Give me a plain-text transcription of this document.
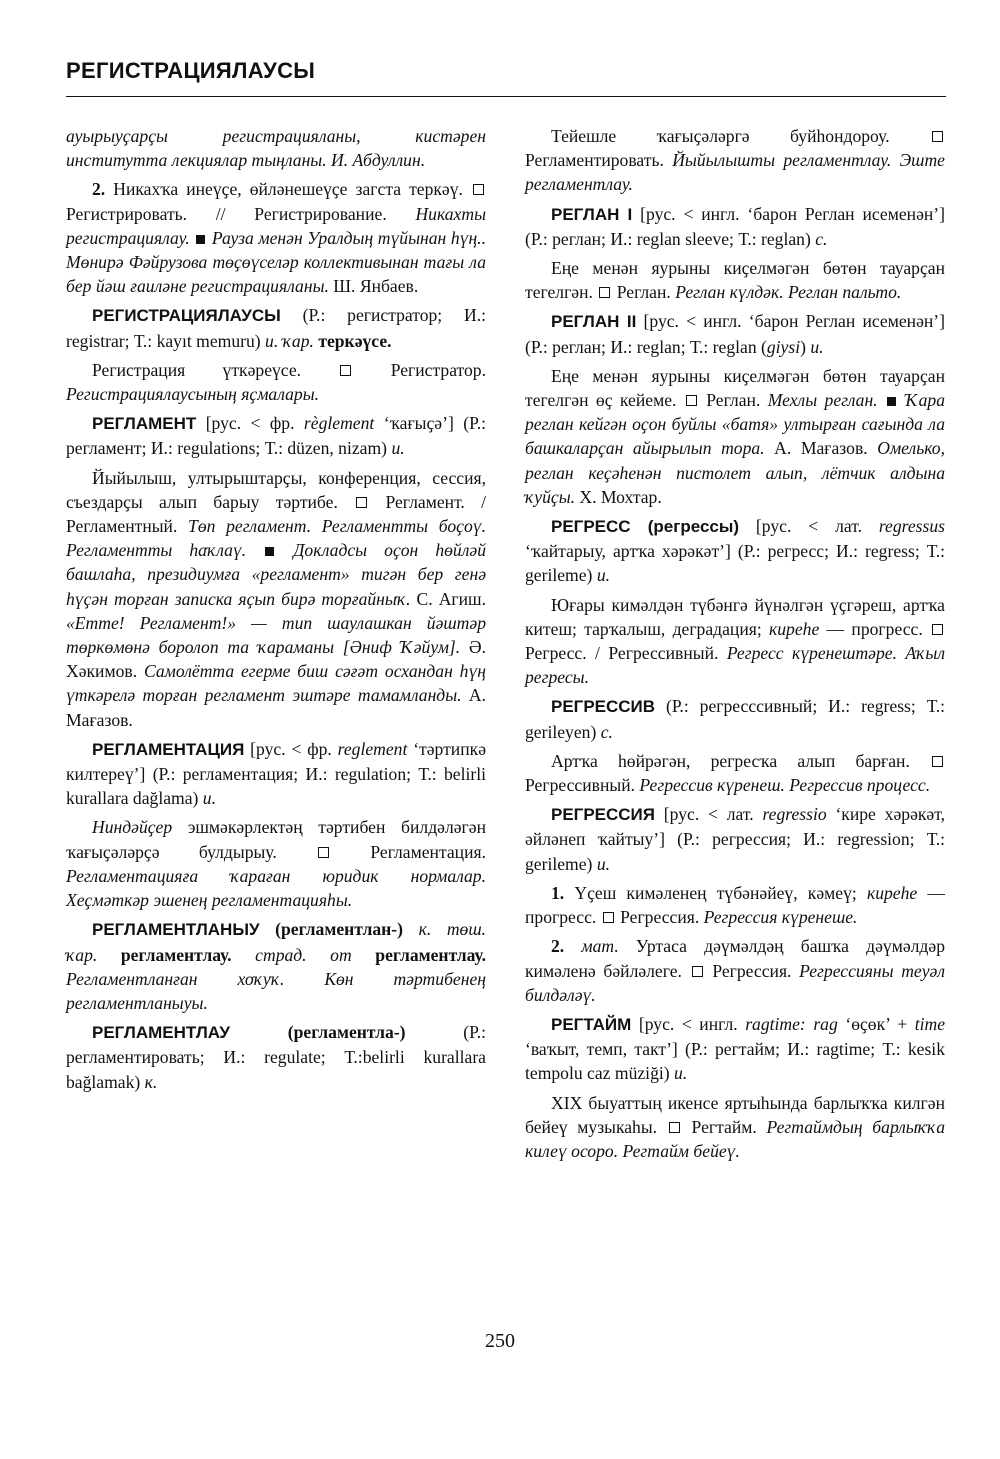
РЕГИСТРАЦИЯЛАУСЫ

ауырыуҫарҫы регистрацияланы, кистәрен институтта лекциялар тыңланы. И. Абдуллин.

2. Никахҡа инеүҫе, өйләнешеүҫе загста теркәү.  Регистрировать. // Регистрирование. Никахты регистрациялау.  Рауза менән Уралдың түйынан һүң.. Мөнирә Фәйрузова төҫөүселәр коллективынан тағы ла бер йәш ғаиләне регистрацияланы. Ш. Янбаев.

РЕГИСТРАЦИЯЛАУСЫ (Р.: регистратор; И.: registrar; Т.: kayıt memuru) и. ҡар. теркәүсе.

Регистрация үткәреүсе.	Регистратор. Регистрациялаусының яҫмалары.

РЕГЛАМЕНТ [рус. < фр. règlement ‘ҡағыҫә’] (Р.: регламент; И.: regulations; Т.: düzen, nizam) и.

Йыйылыш, ултырыштарҫы, конференция, сессия, съездарҫы алып барыу тәртибе.  Регламент. / Регламентный. Төп регламент. Регламентты боҫоү. Регламентты һаҡлаү.  Докладсы оҫон һөйләй башлаһа, президиумға «регламент» тигән бер генә һүҫән торған записка яҫып бирә торғайныҡ. С. Агиш. «Етте! Регламент!» — тип шаулашкан йәштәр төркөмөнә боролоп та ҡараманы [Әниф Ҡәйум]. Ә. Хәкимов. Самолётта егерме биш сәғәт осхандан һүң үткәрелә торған регламент эштәре тамамланды. А. Мағазов.

РЕГЛАМЕНТАЦИЯ [рус. < фр. reglement ‘тәртипкә килтереү’] (Р.: регламентация; И.: regulation; Т.: belirli kurallara dağlama) и.

Ниндәйҫер эшмәкәрлектәң тәртибен билдәләгән ҡағыҫәләрҫә булдырыу.	Регламентация. Регламентацияға ҡараған юридик нормалар. Хеҫмәткәр эшенең регламентацияһы.

РЕГЛАМЕНТЛАНЫУ (регламентлан-) к. төш. ҡар. регламентлау. страд. от регламентлау. Регламентланған хоҡуҡ. Көн тәртибенең регламентланыуы.

РЕГЛАМЕНТЛАУ (регламентла-) (Р.: регламентировать; И.: regulate; Т.:belirli kurallara bağlamak) к.

Тейешле ҡағыҫәләргә буйһондороу.  Регламентировать. Йыйылышты регламентлау. Эште регламентлау.

РЕГЛАН I [рус. < ингл. ‘барон Реглан исеменән’] (Р.: реглан; И.: reglan sleeve; Т.: reglan) с.

Еңе менән яурыны киҫелмәгән бөтөн тауарҫан тегелгән.  Реглан. Реглан күлдәк. Реглан пальто.

РЕГЛАН II [рус. < ингл. ‘барон Реглан исеменән’] (Р.: реглан; И.: reglan; Т.: reglan (giysi) и.

Еңе менән яурыны киҫелмәгән бөтөн тауарҫан тегелгән өҫ кейеме.  Реглан. Мехлы реглан.  Ҡара реглан кейгән оҫон буйлы «батя» ултырған сағында ла башкаларҫан айырылып тора. А. Мағазов. Омелько, реглан кеҫәһенән пистолет алып, лётчик алдына ҡуйҫы. Х. Мохтар.

РЕГРЕСС (регрессы) [рус. < лат. regressus ‘ҡайтарыу, артҡа хәрәкәт’] (Р.: регресс; И.: regress; Т.: gerileme) и.

Юғары кимәлдән түбәнгә йүнәлгән үҫгәреш, артҡа китеш; тарҡалыш, деградация; киреһе — прогресс.  Регресс. / Регрессивный. Регресс күренештәре. Аҡыл регресы.

РЕГРЕССИВ (Р.: регресссивный; И.: regress; Т.: gerileyen) с.

Артҡа һөйрәгән, регресҡа алып барған.  Регрессивный. Регрессив күренеш. Регрессив процесс.

РЕГРЕССИЯ [рус. < лат. regressio ‘кире хәрәкәт, әйләнеп ҡайтыу’] (Р.: регрессия; И.: regression; Т.: gerileme) и.

1. Үҫеш кимәленең түбәнәйеү, кәмеү; киреһе — прогресс.  Регрессия. Регрессия күренеше.

2. мат. Уртаса дәүмәлдәң башҡа дәүмәлдәр кимәленә бәйләлеге.  Регрессия. Регрессияны теуәл билдәләү.

РЕГТАЙМ [рус. < ингл. ragtime: rag ‘өҫөк’ + time ‘ваҡыт, темп, такт’] (Р.: регтайм; И.: ragtime; Т.: kesik tempolu caz müziği) и.

XIX быуаттың икенсе яртыһында барлыҡҡа килгән бейеү музыкаһы.  Регтайм. Регтаймдың барлыҡҡа килеү осоро. Регтайм бейеү.

250
